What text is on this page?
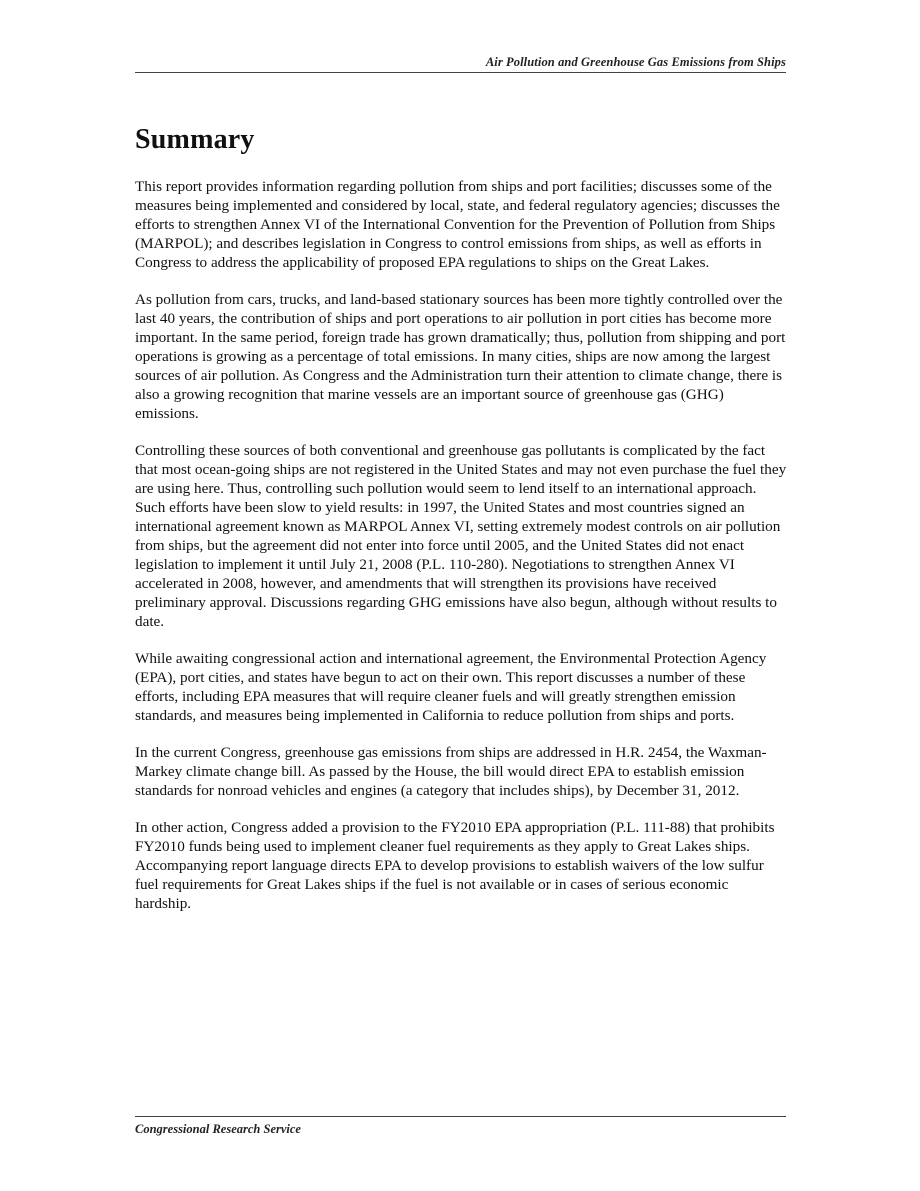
Air Pollution and Greenhouse Gas Emissions from Ships
Summary

This report provides information regarding pollution from ships and port facilities; discusses some of the measures being implemented and considered by local, state, and federal regulatory agencies; discusses the efforts to strengthen Annex VI of the International Convention for the Prevention of Pollution from Ships (MARPOL); and describes legislation in Congress to control emissions from ships, as well as efforts in Congress to address the applicability of proposed EPA regulations to ships on the Great Lakes.

As pollution from cars, trucks, and land-based stationary sources has been more tightly controlled over the last 40 years, the contribution of ships and port operations to air pollution in port cities has become more important. In the same period, foreign trade has grown dramatically; thus, pollution from shipping and port operations is growing as a percentage of total emissions. In many cities, ships are now among the largest sources of air pollution. As Congress and the Administration turn their attention to climate change, there is also a growing recognition that marine vessels are an important source of greenhouse gas (GHG) emissions.

Controlling these sources of both conventional and greenhouse gas pollutants is complicated by the fact that most ocean-going ships are not registered in the United States and may not even purchase the fuel they are using here. Thus, controlling such pollution would seem to lend itself to an international approach. Such efforts have been slow to yield results: in 1997, the United States and most countries signed an international agreement known as MARPOL Annex VI, setting extremely modest controls on air pollution from ships, but the agreement did not enter into force until 2005, and the United States did not enact legislation to implement it until July 21, 2008 (P.L. 110-280). Negotiations to strengthen Annex VI accelerated in 2008, however, and amendments that will strengthen its provisions have received preliminary approval. Discussions regarding GHG emissions have also begun, although without results to date.

While awaiting congressional action and international agreement, the Environmental Protection Agency (EPA), port cities, and states have begun to act on their own. This report discusses a number of these efforts, including EPA measures that will require cleaner fuels and will greatly strengthen emission standards, and measures being implemented in California to reduce pollution from ships and ports.

In the current Congress, greenhouse gas emissions from ships are addressed in H.R. 2454, the Waxman-Markey climate change bill. As passed by the House, the bill would direct EPA to establish emission standards for nonroad vehicles and engines (a category that includes ships), by December 31, 2012.

In other action, Congress added a provision to the FY2010 EPA appropriation (P.L. 111-88) that prohibits FY2010 funds being used to implement cleaner fuel requirements as they apply to Great Lakes ships. Accompanying report language directs EPA to develop provisions to establish waivers of the low sulfur fuel requirements for Great Lakes ships if the fuel is not available or in cases of serious economic hardship.

Congressional Research Service
